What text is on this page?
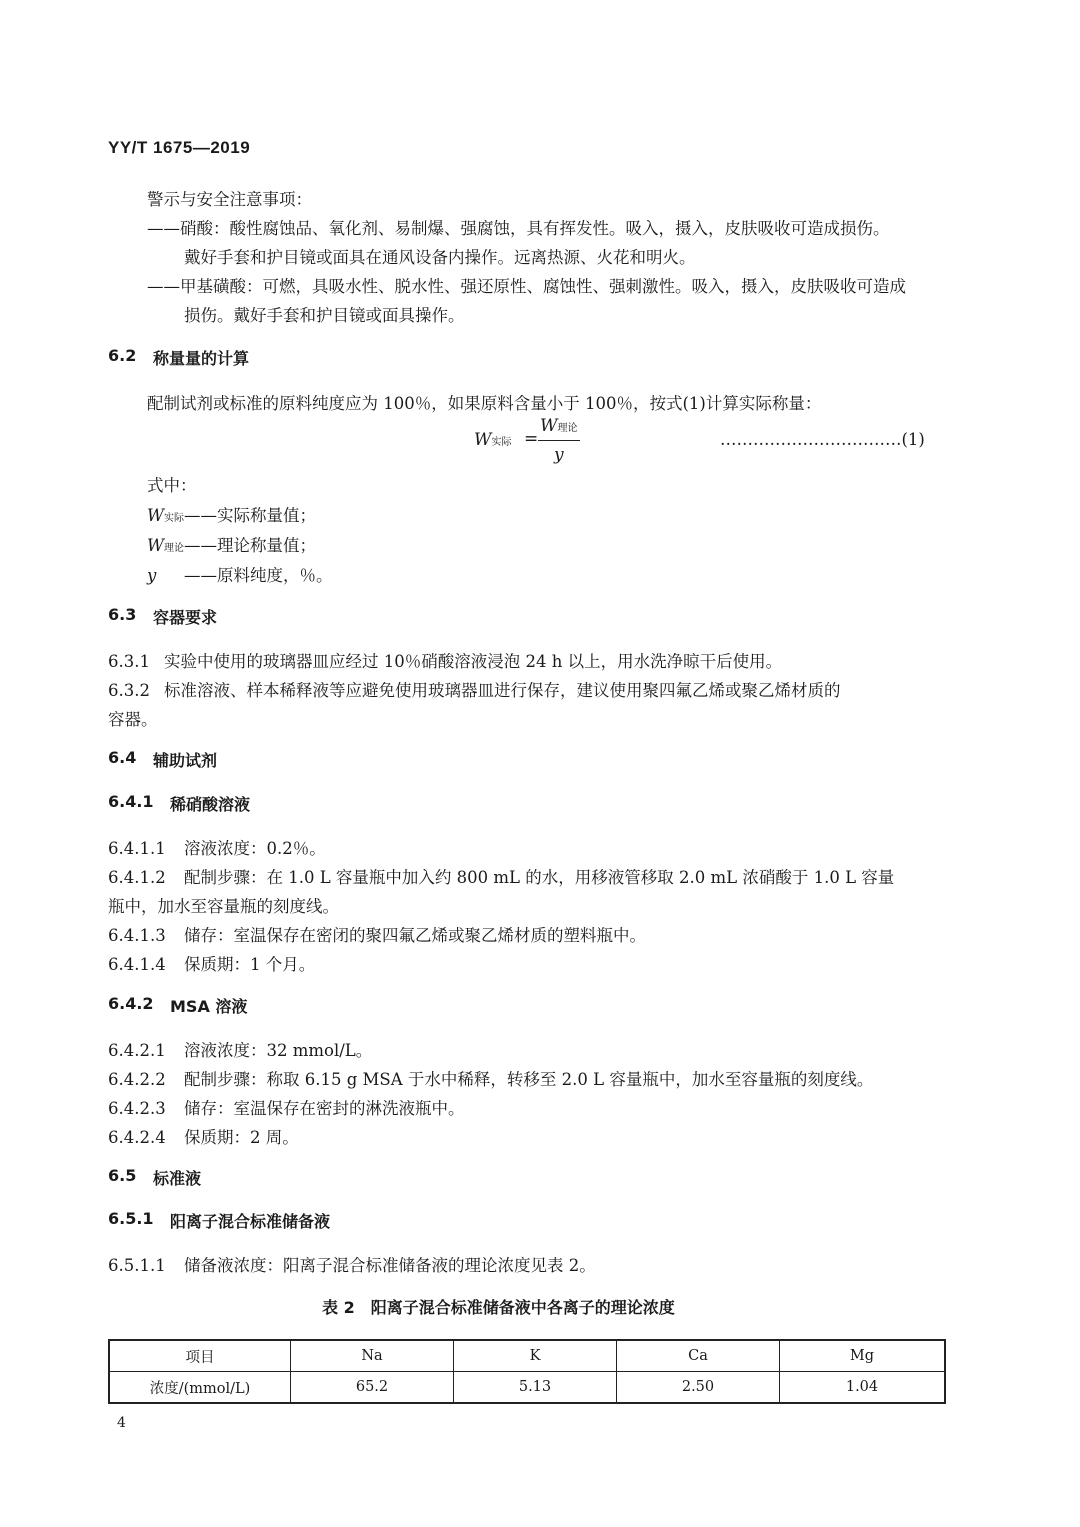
YY/T 1675—2019
警示与安全注意事项：
——硝酸：酸性腐蚀品、氧化剂、易制爆、强腐蚀，具有挥发性。吸入，摄入，皮肤吸收可造成损伤。
戴好手套和护目镜或面具在通风设备内操作。远离热源、火花和明火。
——甲基磺酸：可燃，具吸水性、脱水性、强还原性、腐蚀性、强刺激性。吸入，摄入，皮肤吸收可造成
损伤。戴好手套和护目镜或面具操作。
6.2 称量量的计算
配制试剂或标准的原料纯度应为 100％，如果原料含量小于 100％，按式(1)计算实际称量：
W实际 =
W理论
y
……………………………(1)
式中：
W实际——实际称量值；
W理论——理论称量值；
y ——原料纯度，％。
6.3 容器要求
6.3.1 实验中使用的玻璃器皿应经过 10％硝酸溶液浸泡 24 h 以上，用水洗净晾干后使用。
6.3.2 标准溶液、样本稀释液等应避免使用玻璃器皿进行保存，建议使用聚四氟乙烯或聚乙烯材质的
容器。
6.4 辅助试剂
6.4.1 稀硝酸溶液
6.4.1.1 溶液浓度：0.2％。
6.4.1.2 配制步骤：在 1.0 L 容量瓶中加入约 800 mL 的水，用移液管移取 2.0 mL 浓硝酸于 1.0 L 容量
瓶中，加水至容量瓶的刻度线。
6.4.1.3 储存：室温保存在密闭的聚四氟乙烯或聚乙烯材质的塑料瓶中。
6.4.1.4 保质期：1 个月。
6.4.2 MSA 溶液
6.4.2.1 溶液浓度：32 mmol/L。
6.4.2.2 配制步骤：称取 6.15 g MSA 于水中稀释，转移至 2.0 L 容量瓶中，加水至容量瓶的刻度线。
6.4.2.3 储存：室温保存在密封的淋洗液瓶中。
6.4.2.4 保质期：2 周。
6.5 标准液
6.5.1 阳离子混合标准储备液
6.5.1.1 储备液浓度：阳离子混合标准储备液的理论浓度见表 2。
表 2　阳离子混合标准储备液中各离子的理论浓度
项目	Na	K	Ca	Mg
浓度/(mmol/L)	65.2	5.13	2.50	1.04
4
